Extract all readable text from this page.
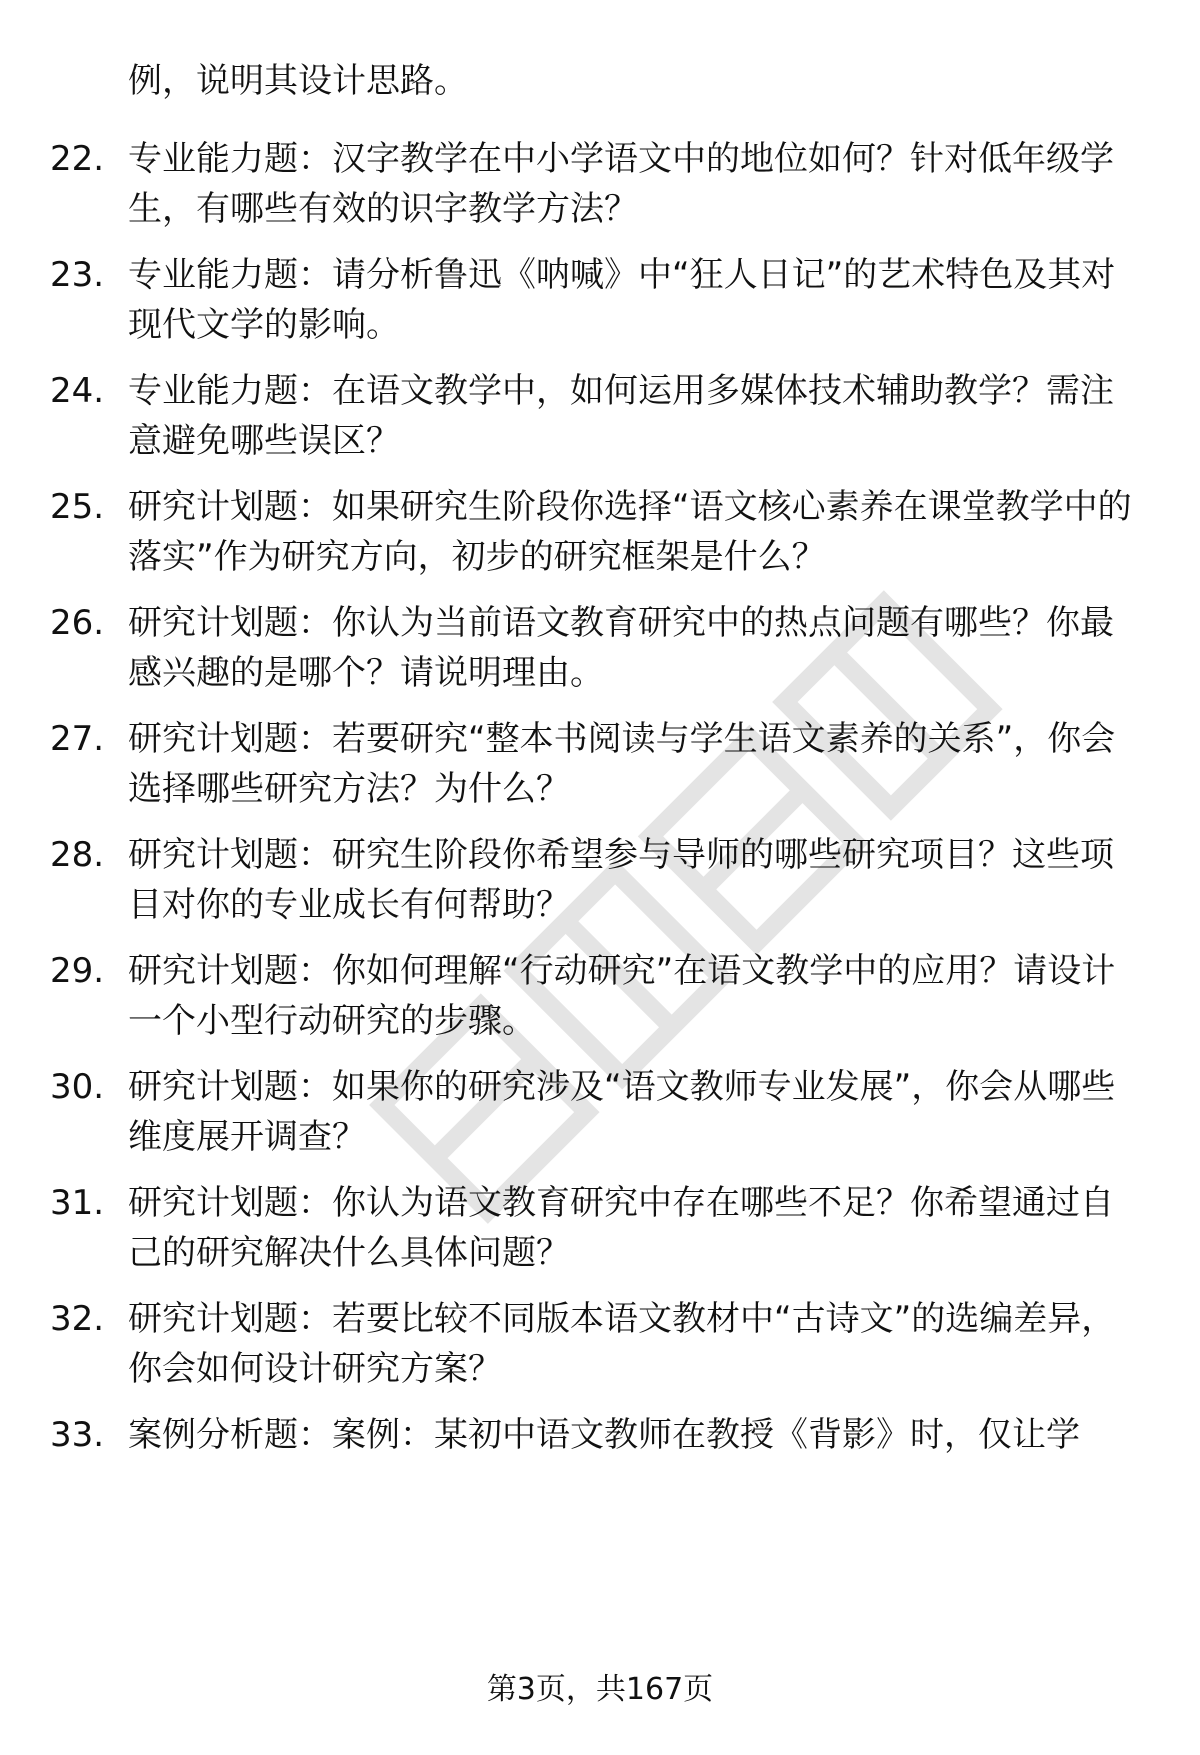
例，说明其设计思路。
22. 专业能力题：汉字教学在中小学语文中的地位如何？针对低年级学生，有哪些有效的识字教学方法？
23. 专业能力题：请分析鲁迅《呐喊》中“狂人日记”的艺术特色及其对现代文学的影响。
24. 专业能力题：在语文教学中，如何运用多媒体技术辅助教学？需注意避免哪些误区？
25. 研究计划题：如果研究生阶段你选择“语文核心素养在课堂教学中的落实”作为研究方向，初步的研究框架是什么？
26. 研究计划题：你认为当前语文教育研究中的热点问题有哪些？你最感兴趣的是哪个？请说明理由。
27. 研究计划题：若要研究“整本书阅读与学生语文素养的关系”，你会选择哪些研究方法？为什么？
28. 研究计划题：研究生阶段你希望参与导师的哪些研究项目？这些项目对你的专业成长有何帮助？
29. 研究计划题：你如何理解“行动研究”在语文教学中的应用？请设计一个小型行动研究的步骤。
30. 研究计划题：如果你的研究涉及“语文教师专业发展”，你会从哪些维度展开调查？
31. 研究计划题：你认为语文教育研究中存在哪些不足？你希望通过自己的研究解决什么具体问题？
32. 研究计划题：若要比较不同版本语文教材中“古诗文”的选编差异，你会如何设计研究方案？
33. 案例分析题：案例：某初中语文教师在教授《背影》时，仅让学
第3页，共167页
